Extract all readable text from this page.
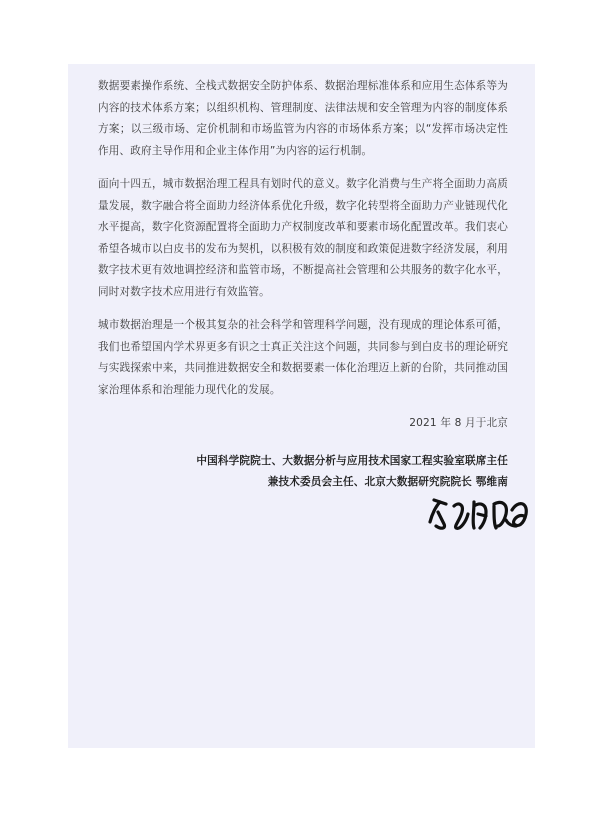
数据要素操作系统、全栈式数据安全防护体系、数据治理标准体系和应用生态体系等为内容的技术体系方案；以组织机构、管理制度、法律法规和安全管理为内容的制度体系方案；以三级市场、定价机制和市场监管为内容的市场体系方案；以“发挥市场决定性作用、政府主导作用和企业主体作用”为内容的运行机制。

面向十四五，城市数据治理工程具有划时代的意义。数字化消费与生产将全面助力高质量发展，数字融合将全面助力经济体系优化升级，数字化转型将全面助力产业链现代化水平提高，数字化资源配置将全面助力产权制度改革和要素市场化配置改革。我们衷心希望各城市以白皮书的发布为契机，以积极有效的制度和政策促进数字经济发展，利用数字技术更有效地调控经济和监管市场，不断提高社会管理和公共服务的数字化水平，同时对数字技术应用进行有效监管。

城市数据治理是一个极其复杂的社会科学和管理科学问题，没有现成的理论体系可循，我们也希望国内学术界更多有识之士真正关注这个问题，共同参与到白皮书的理论研究与实践探索中来，共同推进数据安全和数据要素一体化治理迈上新的台阶，共同推动国家治理体系和治理能力现代化的发展。

2021 年 8 月于北京
中国科学院院士、大数据分析与应用技术国家工程实验室联席主任
兼技术委员会主任、北京大数据研究院院长 鄂维南
